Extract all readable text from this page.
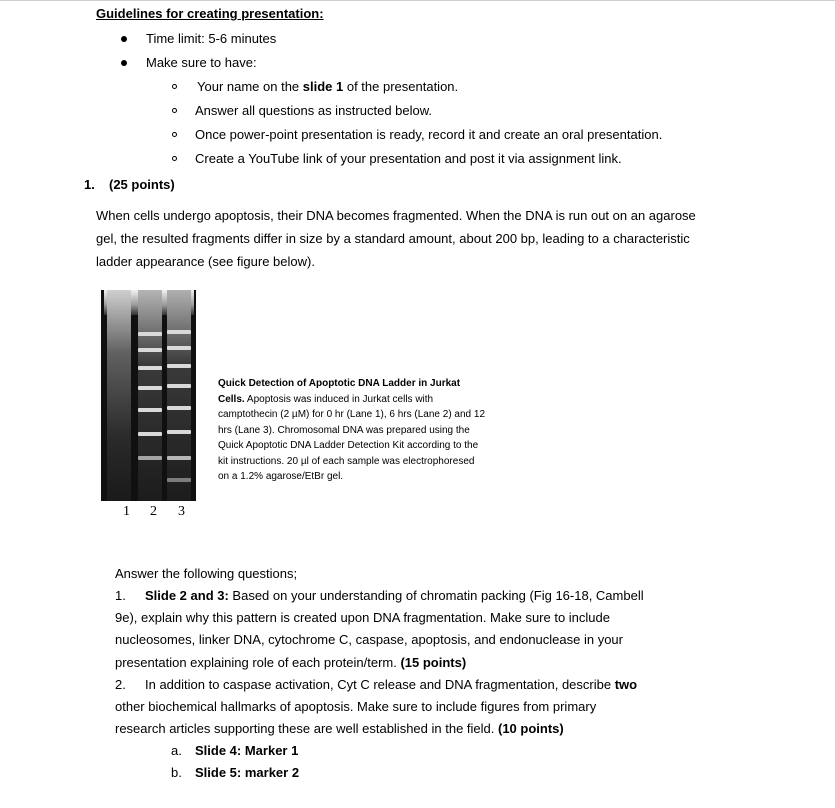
Guidelines for creating presentation:
Time limit: 5-6 minutes
Make sure to have:
Your name on the slide 1 of the presentation.
Answer all questions as instructed below.
Once power-point presentation is ready, record it and create an oral presentation.
Create a YouTube link of your presentation and post it via assignment link.
1. (25 points)
When cells undergo apoptosis, their DNA becomes fragmented. When the DNA is run out on an agarose
gel, the resulted fragments differ in size by a standard amount, about 200 bp, leading to a characteristic
ladder appearance (see figure below).
1 2 3
Quick Detection of Apoptotic DNA Ladder in Jurkat Cells. Apoptosis was induced in Jurkat cells with camptothecin (2 µM) for 0 hr (Lane 1), 6 hrs (Lane 2) and 12 hrs (Lane 3). Chromosomal DNA was prepared using the Quick Apoptotic DNA Ladder Detection Kit according to the kit instructions. 20 µl of each sample was electrophoresed on a 1.2% agarose/EtBr gel.
Answer the following questions;
1. Slide 2 and 3: Based on your understanding of chromatin packing (Fig 16-18, Cambell
9e), explain why this pattern is created upon DNA fragmentation. Make sure to include
nucleosomes, linker DNA, cytochrome C, caspase, apoptosis, and endonuclease in your
presentation explaining role of each protein/term. (15 points)
2. In addition to caspase activation, Cyt C release and DNA fragmentation, describe two
other biochemical hallmarks of apoptosis. Make sure to include figures from primary
research articles supporting these are well established in the field. (10 points)
a. Slide 4: Marker 1
b. Slide 5: marker 2
